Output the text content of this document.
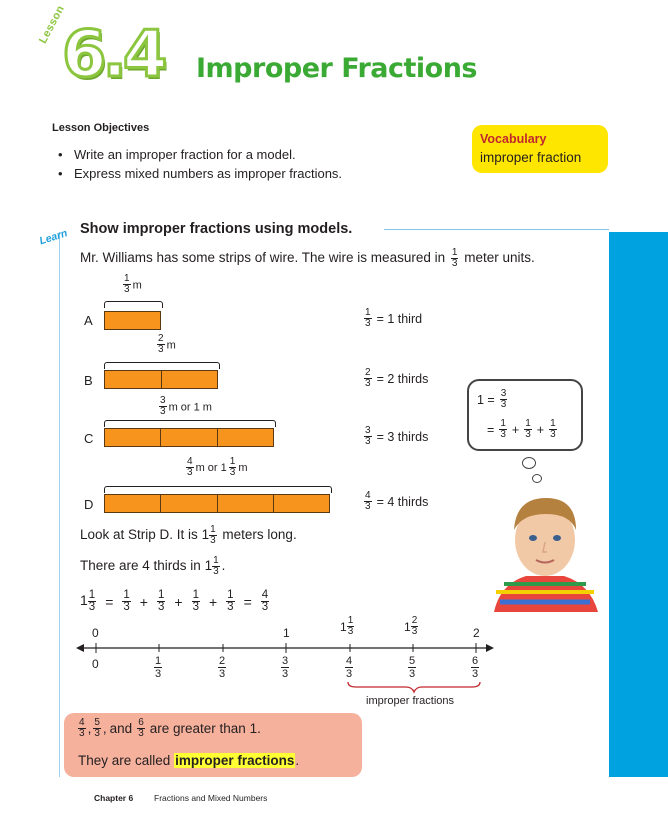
Lesson
6.4 Improper Fractions
Lesson Objectives
• Write an improper fraction for a model.
• Express mixed numbers as improper fractions.
Vocabulary
improper fraction
Learn Show improper fractions using models.
Mr. Williams has some strips of wire. The wire is measured in $\frac{1}{3}$ meter units.
$\frac{1}{3}$ m
A	$\frac{1}{3} = 1$ third
$\frac{2}{3}$ m
B	$\frac{2}{3} = 2$ thirds
$\frac{3}{3}$ m or 1 m
C	$\frac{3}{3} = 3$ thirds
$\frac{4}{3}$ m or $1 \frac{1}{3}$ m
D	$\frac{4}{3} = 4$ thirds
$1 = \frac{3}{3}$
= $\frac{1}{3} + \frac{1}{3} + \frac{1}{3}$
Look at Strip D. It is $1 \frac{1}{3}$ meters long.
There are 4 thirds in $1 \frac{1}{3}$ .
$1 \frac{1}{3} = \frac{1}{3} + \frac{1}{3} + \frac{1}{3} + \frac{1}{3} = \frac{4}{3}$
0	1	$1 \frac{1}{3}$	$1 \frac{2}{3}$	2
0	$\frac{1}{3}$	$\frac{2}{3}$	$\frac{3}{3}$	$\frac{4}{3}$	$\frac{5}{3}$	$\frac{6}{3}$
improper fractions
$\frac{4}{3}$ , $\frac{5}{3}$ , and $\frac{6}{3}$ are greater than 1.
They are called improper fractions.
Chapter 6 Fractions and Mixed Numbers
